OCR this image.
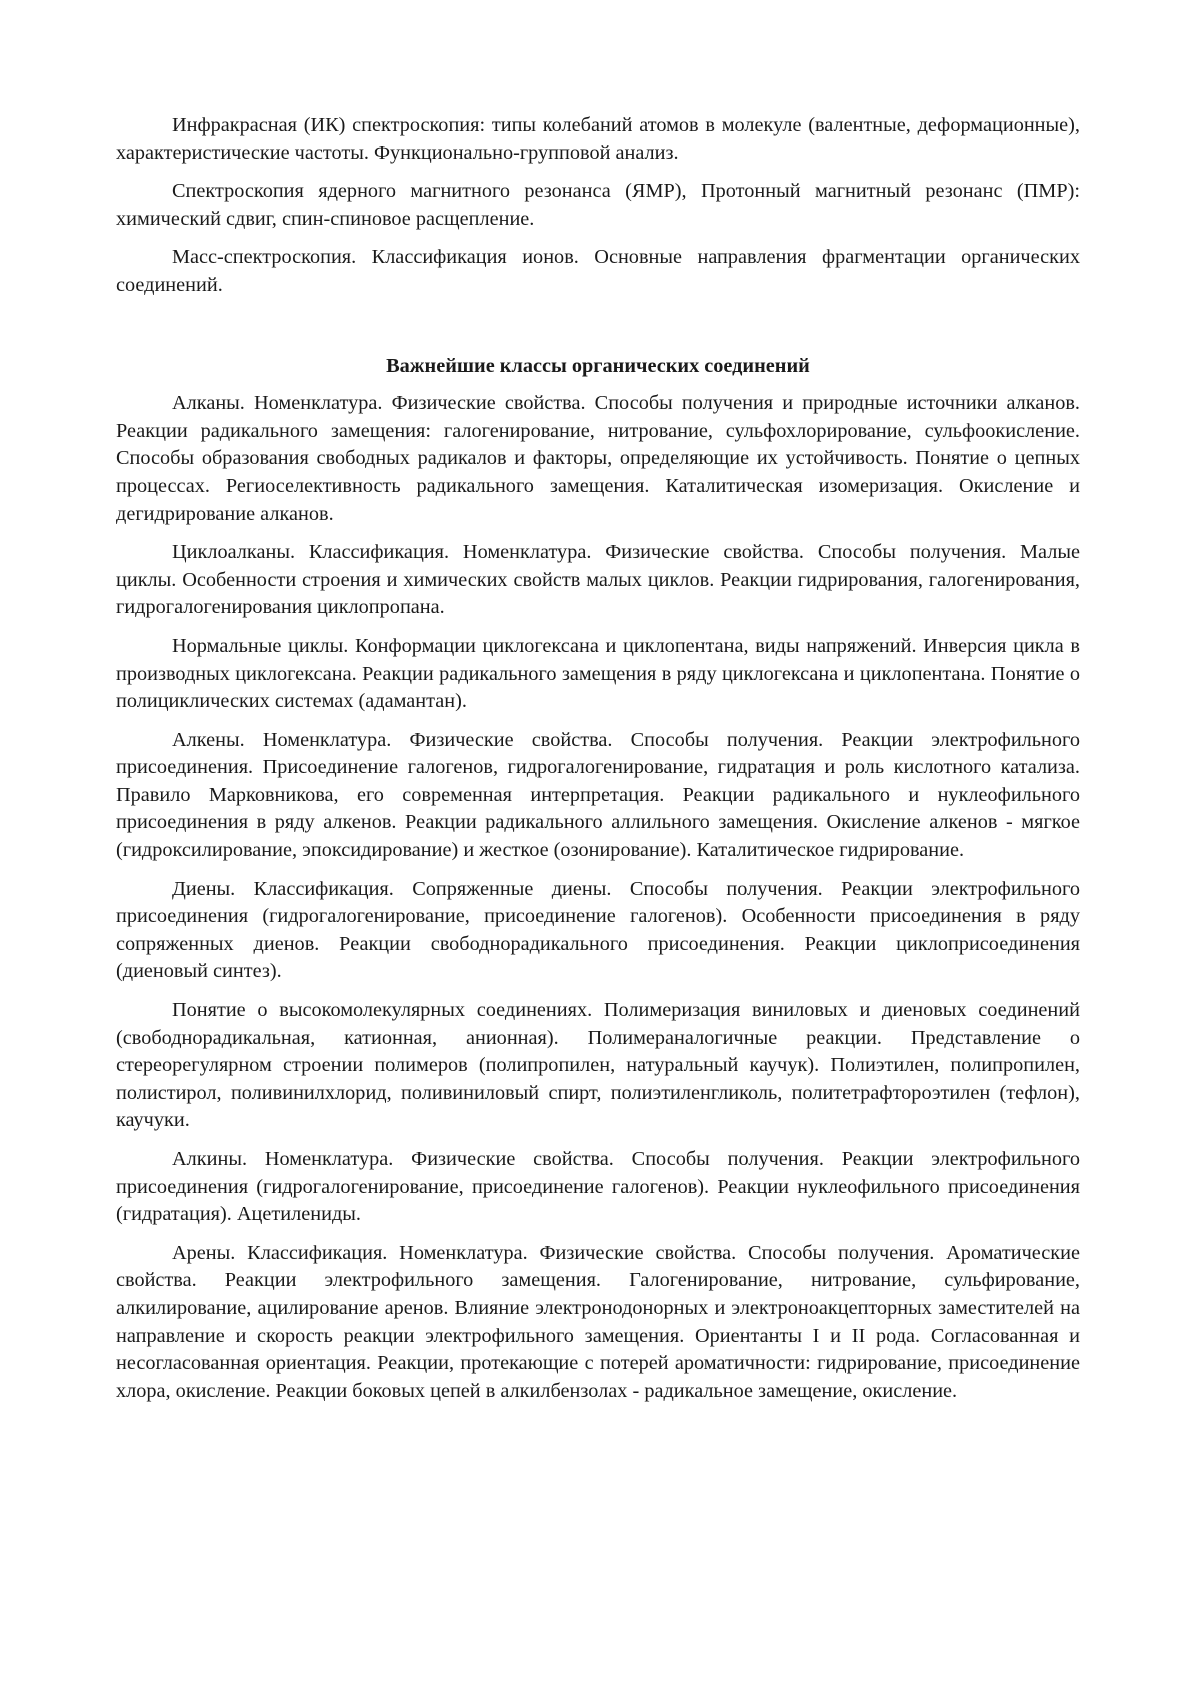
Инфракрасная (ИК) спектроскопия: типы колебаний атомов в молекуле (валентные, деформационные), характеристические частоты. Функционально-групповой анализ.

Спектроскопия ядерного магнитного резонанса (ЯМР), Протонный магнитный резонанс (ПМР): химический сдвиг, спин-спиновое расщепление.

Масс-спектроскопия. Классификация ионов. Основные направления фрагментации органических соединений.

Важнейшие классы органических соединений

Алканы. Номенклатура. Физические свойства. Способы получения и природные источники алканов. Реакции радикального замещения: галогенирование, нитрование, сульфохлорирование, сульфоокисление. Способы образования свободных радикалов и факторы, определяющие их устойчивость. Понятие о цепных процессах. Региоселективность радикального замещения. Каталитическая изомеризация. Окисление и дегидрирование алканов.

Циклоалканы. Классификация. Номенклатура. Физические свойства. Способы получения. Малые циклы. Особенности строения и химических свойств малых циклов. Реакции гидрирования, галогенирования, гидрогалогенирования циклопропана.

Нормальные циклы. Конформации циклогексана и циклопентана, виды напряжений. Инверсия цикла в производных циклогексана. Реакции радикального замещения в ряду циклогексана и циклопентана. Понятие о полициклических системах (адамантан).

Алкены. Номенклатура. Физические свойства. Способы получения. Реакции электрофильного присоединения. Присоединение галогенов, гидрогалогенирование, гидратация и роль кислотного катализа. Правило Марковникова, его современная интерпретация. Реакции радикального и нуклеофильного присоединения в ряду алкенов. Реакции радикального аллильного замещения. Окисление алкенов - мягкое (гидроксилирование, эпоксидирование) и жесткое (озонирование). Каталитическое гидрирование.

Диены. Классификация. Сопряженные диены. Способы получения. Реакции электрофильного присоединения (гидрогалогенирование, присоединение галогенов). Особенности присоединения в ряду сопряженных диенов. Реакции свободнорадикального присоединения. Реакции циклоприсоединения (диеновый синтез).

Понятие о высокомолекулярных соединениях. Полимеризация виниловых и диеновых соединений (свободнорадикальная, катионная, анионная). Полимераналогичные реакции. Представление о стереорегулярном строении полимеров (полипропилен, натуральный каучук). Полиэтилен, полипропилен, полистирол, поливинилхлорид, поливиниловый спирт, полиэтиленгликоль, политетрафтороэтилен (тефлон), каучуки.

Алкины. Номенклатура. Физические свойства. Способы получения. Реакции электрофильного присоединения (гидрогалогенирование, присоединение галогенов). Реакции нуклеофильного присоединения (гидратация). Ацетилениды.

Арены. Классификация. Номенклатура. Физические свойства. Способы получения. Ароматические свойства. Реакции электрофильного замещения. Галогенирование, нитрование, сульфирование, алкилирование, ацилирование аренов. Влияние электронодонорных и электроноакцепторных заместителей на направление и скорость реакции электрофильного замещения. Ориентанты I и II рода. Согласованная и несогласованная ориентация. Реакции, протекающие с потерей ароматичности: гидрирование, присоединение хлора, окисление. Реакции боковых цепей в алкилбензолах - радикальное замещение, окисление.
